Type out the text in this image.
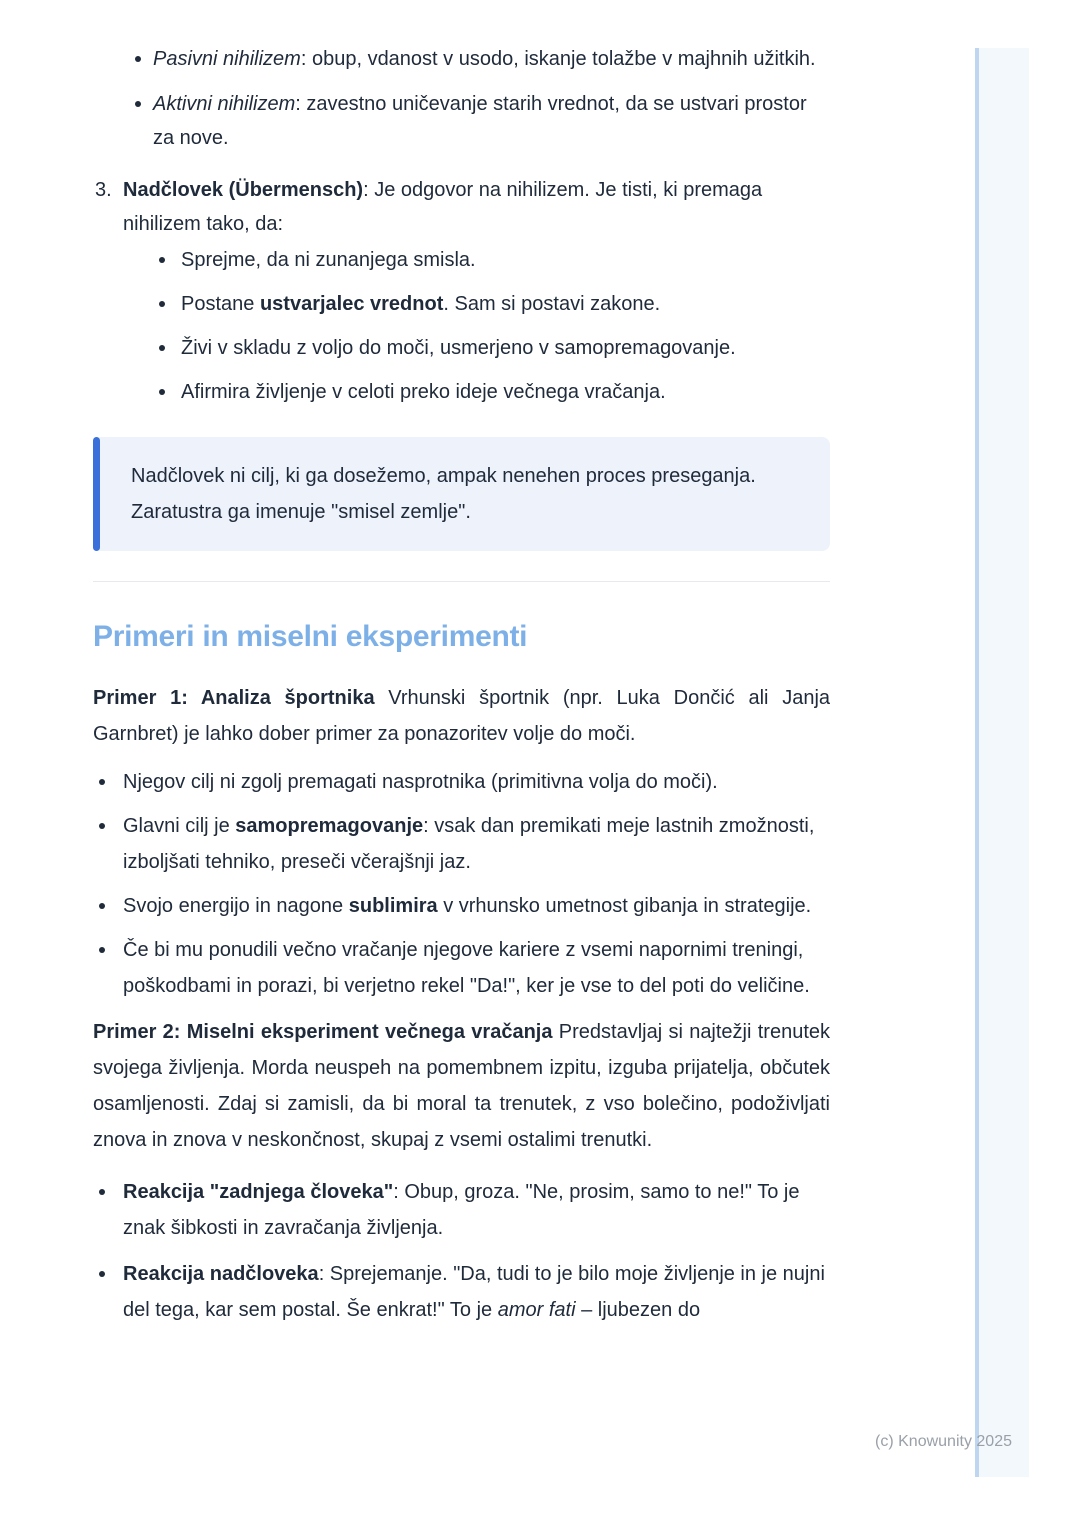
(c) Knowunity 2025
Pasivni nihilizem: obup, vdanost v usodo, iskanje tolažbe v majhnih užitkih.
Aktivni nihilizem: zavestno uničevanje starih vrednot, da se ustvari prostor za nove.
3. Nadčlovek (Übermensch): Je odgovor na nihilizem. Je tisti, ki premaga nihilizem tako, da:
Sprejme, da ni zunanjega smisla.
Postane ustvarjalec vrednot. Sam si postavi zakone.
Živi v skladu z voljo do moči, usmerjeno v samopremagovanje.
Afirmira življenje v celoti preko ideje večnega vračanja.
Nadčlovek ni cilj, ki ga dosežemo, ampak nenehen proces preseganja. Zaratustra ga imenuje "smisel zemlje".
Primeri in miselni eksperimenti

Primer 1: Analiza športnika Vrhunski športnik (npr. Luka Dončić ali Janja Garnbret) je lahko dober primer za ponazoritev volje do moči.

Njegov cilj ni zgolj premagati nasprotnika (primitivna volja do moči).
Glavni cilj je samopremagovanje: vsak dan premikati meje lastnih zmožnosti, izboljšati tehniko, preseči včerajšnji jaz.
Svojo energijo in nagone sublimira v vrhunsko umetnost gibanja in strategije.
Če bi mu ponudili večno vračanje njegove kariere z vsemi napornimi treningi, poškodbami in porazi, bi verjetno rekel "Da!", ker je vse to del poti do veličine.

Primer 2: Miselni eksperiment večnega vračanja Predstavljaj si najtežji trenutek svojega življenja. Morda neuspeh na pomembnem izpitu, izguba prijatelja, občutek osamljenosti. Zdaj si zamisli, da bi moral ta trenutek, z vso bolečino, podoživljati znova in znova v neskončnost, skupaj z vsemi ostalimi trenutki.

Reakcija "zadnjega človeka": Obup, groza. "Ne, prosim, samo to ne!" To je znak šibkosti in zavračanja življenja.
Reakcija nadčloveka: Sprejemanje. "Da, tudi to je bilo moje življenje in je nujni del tega, kar sem postal. Še enkrat!" To je amor fati – ljubezen do
